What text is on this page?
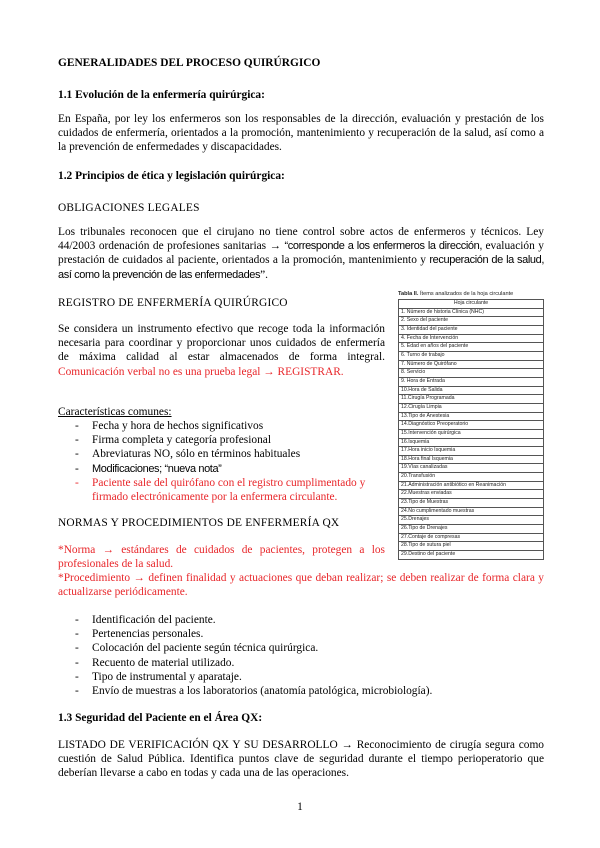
GENERALIDADES DEL PROCESO QUIRÚRGICO

1.1 Evolución de la enfermería quirúrgica:

En España, por ley los enfermeros son los responsables de la dirección, evaluación y prestación de los cuidados de enfermería, orientados a la promoción, mantenimiento y recuperación de la salud, así como a la prevención de enfermedades y discapacidades.

1.2 Principios de ética y legislación quirúrgica:

OBLIGACIONES LEGALES

Los tribunales reconocen que el cirujano no tiene control sobre actos de enfermeros y técnicos. Ley 44/2003 ordenación de profesiones sanitarias → “corresponde a los enfermeros la dirección, evaluación y prestación de cuidados al paciente, orientados a la promoción, mantenimiento y recuperación de la salud, así como la prevención de las enfermedades”.

REGISTRO DE ENFERMERÍA QUIRÚRGICO

Se considera un instrumento efectivo que recoge toda la información necesaria para coordinar y proporcionar unos cuidados de enfermería de máxima calidad al estar almacenados de forma integral. Comunicación verbal no es una prueba legal → REGISTRAR.

Características comunes:

- Fecha y hora de hechos significativos
- Firma completa y categoría profesional
- Abreviaturas NO, sólo en términos habituales
- Modificaciones; “nueva nota”
- Paciente sale del quirófano con el registro cumplimentado y firmado electrónicamente por la enfermera circulante.

NORMAS Y PROCEDIMIENTOS DE ENFERMERÍA QX

*Norma → estándares de cuidados de pacientes, protegen a los profesionales de la salud.

*Procedimiento → definen finalidad y actuaciones que deban realizar; se deben realizar de forma clara y actualizarse periódicamente.

- Identificación del paciente.
- Pertenencias personales.
- Colocación del paciente según técnica quirúrgica.
- Recuento de material utilizado.
- Tipo de instrumental y aparataje.
- Envío de muestras a los laboratorios (anatomía patológica, microbiología).

1.3 Seguridad del Paciente en el Área QX:

LISTADO DE VERIFICACIÓN QX Y SU DESARROLLO → Reconocimiento de cirugía segura como cuestión de Salud Pública. Identifica puntos clave de seguridad durante el tiempo perioperatorio que deberían llevarse a cabo en todas y cada una de las operaciones.

Tabla II. Ítems analizados de la hoja circulante
Hoja circulante
1. Número de historia Clínica (NHC)
2. Sexo del paciente
3. Identidad del paciente
4. Fecha de Intervención
5. Edad en años del paciente
6. Turno de trabajo
7. Número de Quirófano
8. Servicio
9. Hora de Entrada
10.Hora de Salida
11.Cirugía Programada
12.Cirugía Limpia
13.Tipo de Anestesia
14.Diagnóstico Preoperatorio
15.Intervención quirúrgica
16.Isquemia
17.Hora inicio Isquemia
18.Hora final Isquemia
19.Vías canalizadas
20.Transfusión
21.Administración antibiótico en Reanimación
22.Muestras enviadas
23.Tipo de Muestras
24.No cumplimentado muestras
25.Drenajes
26.Tipo de Drenajes
27.Contaje de compresas
28.Tipo de sutura piel
29.Destino del paciente
1
